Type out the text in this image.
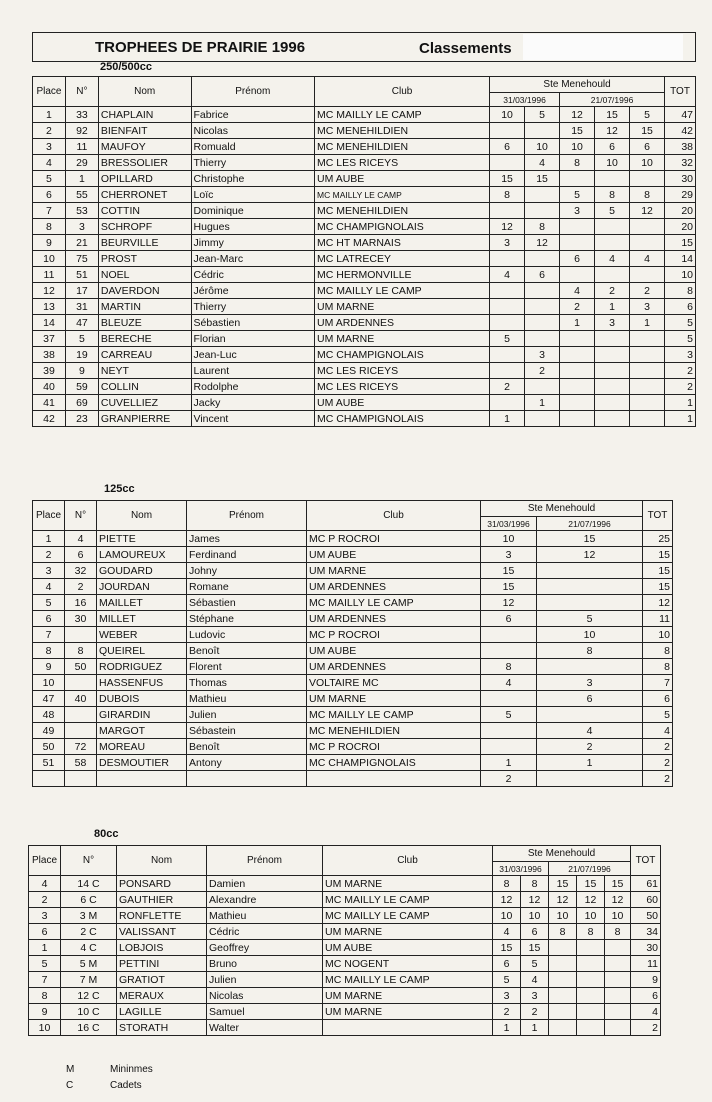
TROPHEES DE PRAIRIE 1996	Classements
250/500cc
Place	N°	Nom	Prénom	Club	Ste Menehould					TOT
					31/03/1996		21/07/1996			
1	33	CHAPLAIN	Fabrice	MC MAILLY LE CAMP	10	5	12	15	5	47
2	92	BIENFAIT	Nicolas	MC MENEHILDIEN			15	12	15	42
3	11	MAUFOY	Romuald	MC MENEHILDIEN	6	10	10	6	6	38
4	29	BRESSOLIER	Thierry	MC LES RICEYS		4	8	10	10	32
5	1	OPILLARD	Christophe	UM AUBE	15	15				30
6	55	CHERRONET	Loïc	MC MAILLY LE CAMP	8		5	8	8	29
7	53	COTTIN	Dominique	MC MENEHILDIEN			3	5	12	20
8	3	SCHROPF	Hugues	MC CHAMPIGNOLAIS	12	8				20
9	21	BEURVILLE	Jimmy	MC HT MARNAIS	3	12				15
10	75	PROST	Jean-Marc	MC LATRECEY			6	4	4	14
11	51	NOEL	Cédric	MC HERMONVILLE	4	6				10
12	17	DAVERDON	Jérôme	MC MAILLY LE CAMP			4	2	2	8
13	31	MARTIN	Thierry	UM MARNE			2	1	3	6
14	47	BLEUZE	Sébastien	UM ARDENNES			1	3	1	5
37	5	BERECHE	Florian	UM MARNE	5					5
38	19	CARREAU	Jean-Luc	MC CHAMPIGNOLAIS		3				3
39	9	NEYT	Laurent	MC LES RICEYS		2				2
40	59	COLLIN	Rodolphe	MC LES RICEYS	2					2
41	69	CUVELLIEZ	Jacky	UM AUBE		1				1
42	23	GRANPIERRE	Vincent	MC CHAMPIGNOLAIS	1					1
125cc
Place	N°	Nom	Prénom	Club	Ste Menehould		TOT
					31/03/1996	21/07/1996	
1	4	PIETTE	James	MC P ROCROI	10	15	25
2	6	LAMOUREUX	Ferdinand	UM AUBE	3	12	15
3	32	GOUDARD	Johny	UM MARNE	15		15
4	2	JOURDAN	Romane	UM ARDENNES	15		15
5	16	MAILLET	Sébastien	MC MAILLY LE CAMP	12		12
6	30	MILLET	Stéphane	UM ARDENNES	6	5	11
7		WEBER	Ludovic	MC P ROCROI		10	10
8	8	QUEIREL	Benoît	UM AUBE		8	8
9	50	RODRIGUEZ	Florent	UM ARDENNES	8		8
10		HASSENFUS	Thomas	VOLTAIRE MC	4	3	7
47	40	DUBOIS	Mathieu	UM MARNE		6	6
48		GIRARDIN	Julien	MC MAILLY LE CAMP	5		5
49		MARGOT	Sébastein	MC MENEHILDIEN		4	4
50	72	MOREAU	Benoît	MC P ROCROI		2	2
51	58	DESMOUTIER	Antony	MC CHAMPIGNOLAIS	1	1	2
					2		2
80cc
Place	N°	Nom	Prénom	Club	Ste Menehould					TOT
					31/03/1996		21/07/1996			
4	14 C	PONSARD	Damien	UM MARNE	8	8	15	15	15	61
2	6 C	GAUTHIER	Alexandre	MC MAILLY LE CAMP	12	12	12	12	12	60
3	3 M	RONFLETTE	Mathieu	MC MAILLY LE CAMP	10	10	10	10	10	50
6	2 C	VALISSANT	Cédric	UM MARNE	4	6	8	8	8	34
1	4 C	LOBJOIS	Geoffrey	UM AUBE	15	15				30
5	5 M	PETTINI	Bruno	MC NOGENT	6	5				11
7	7 M	GRATIOT	Julien	MC MAILLY LE CAMP	5	4				9
8	12 C	MERAUX	Nicolas	UM MARNE	3	3				6
9	10 C	LAGILLE	Samuel	UM MARNE	2	2				4
10	16 C	STORATH	Walter		1	1				2
M	Mininmes
C	Cadets
